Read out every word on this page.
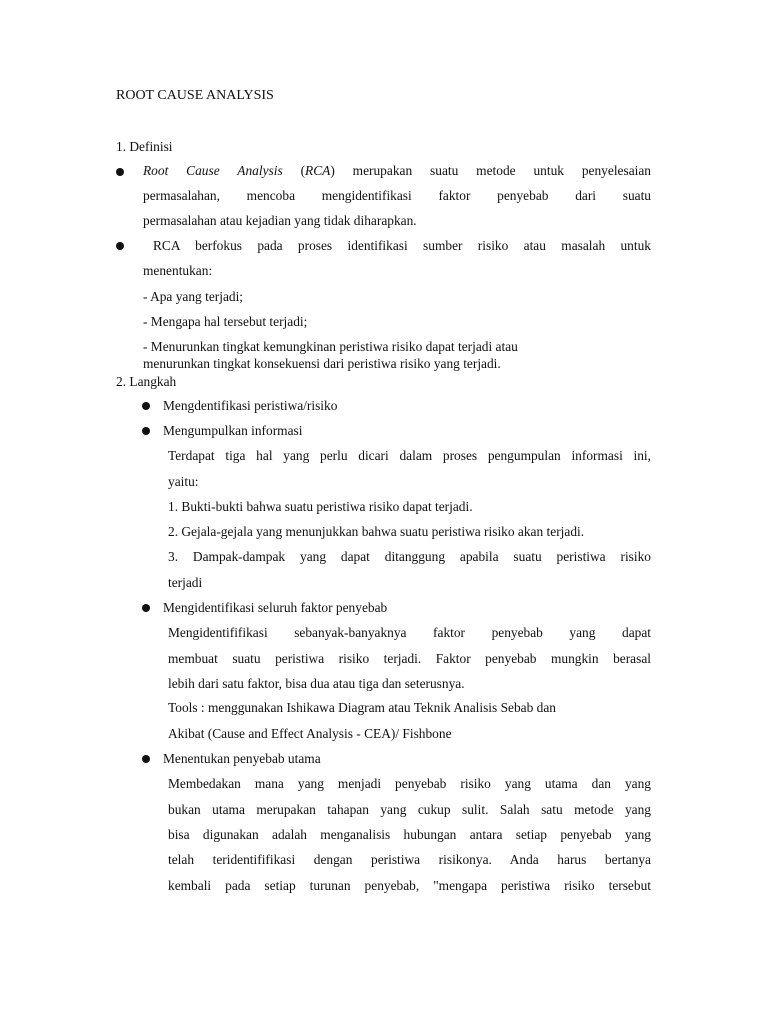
ROOT CAUSE ANALYSIS
1. Definisi
Root Cause Analysis (RCA) merupakan suatu metode untuk penyelesaian
permasalahan, mencoba mengidentifikasi faktor penyebab dari suatu
permasalahan atau kejadian yang tidak diharapkan.
RCA berfokus pada proses identifikasi sumber risiko atau masalah untuk
menentukan:
- Apa yang terjadi;
- Mengapa hal tersebut terjadi;
- Menurunkan tingkat kemungkinan peristiwa risiko dapat terjadi atau
menurunkan tingkat konsekuensi dari peristiwa risiko yang terjadi.
2. Langkah
Mengdentifikasi peristiwa/risiko
Mengumpulkan informasi
Terdapat tiga hal yang perlu dicari dalam proses pengumpulan informasi ini,
yaitu:
1. Bukti-bukti bahwa suatu peristiwa risiko dapat terjadi.
2. Gejala-gejala yang menunjukkan bahwa suatu peristiwa risiko akan terjadi.
3. Dampak-dampak yang dapat ditanggung apabila suatu peristiwa risiko
terjadi
Mengidentifikasi seluruh faktor penyebab
Mengidentififikasi sebanyak-banyaknya faktor penyebab yang dapat
membuat suatu peristiwa risiko terjadi. Faktor penyebab mungkin berasal
lebih dari satu faktor, bisa dua atau tiga dan seterusnya.
Tools : menggunakan Ishikawa Diagram atau Teknik Analisis Sebab dan
Akibat (Cause and Effect Analysis - CEA)/ Fishbone
Menentukan penyebab utama
Membedakan mana yang menjadi penyebab risiko yang utama dan yang
bukan utama merupakan tahapan yang cukup sulit. Salah satu metode yang
bisa digunakan adalah menganalisis hubungan antara setiap penyebab yang
telah teridentififikasi dengan peristiwa risikonya. Anda harus bertanya
kembali pada setiap turunan penyebab, "mengapa peristiwa risiko tersebut
